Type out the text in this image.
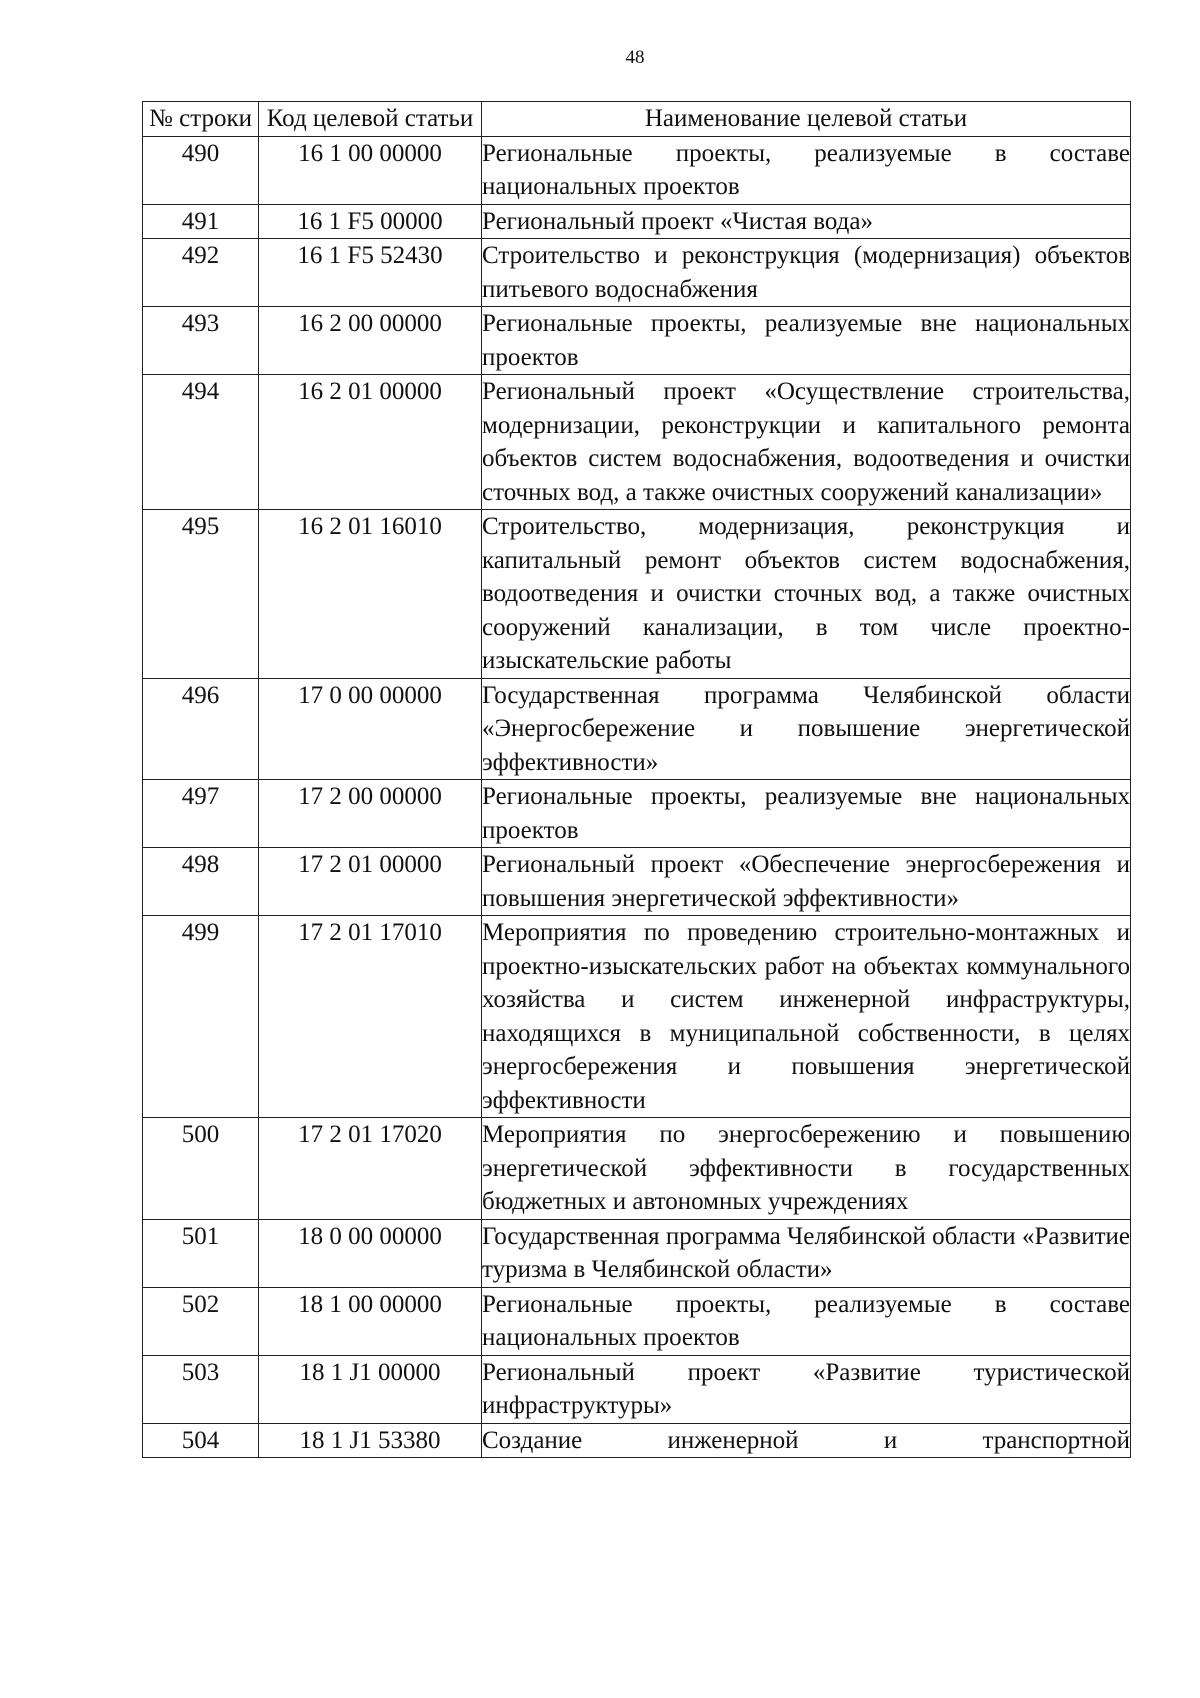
48
№ строки	Код целевой статьи	Наименование целевой статьи
490	16 1 00 00000	Региональные проекты, реализуемые в составе национальных проектов
491	16 1 F5 00000	Региональный проект «Чистая вода»
492	16 1 F5 52430	Строительство и реконструкция (модернизация) объектов питьевого водоснабжения
493	16 2 00 00000	Региональные проекты, реализуемые вне национальных проектов
494	16 2 01 00000	Региональный проект «Осуществление строительства, модернизации, реконструкции и капитального ремонта объектов систем водоснабжения, водоотведения и очистки сточных вод, а также очистных сооружений канализации»
495	16 2 01 16010	Строительство, модернизация, реконструкция и капитальный ремонт объектов систем водоснабжения, водоотведения и очистки сточных вод, а также очистных сооружений канализации, в том числе проектно-изыскательские работы
496	17 0 00 00000	Государственная программа Челябинской области «Энергосбережение и повышение энергетической эффективности»
497	17 2 00 00000	Региональные проекты, реализуемые вне национальных проектов
498	17 2 01 00000	Региональный проект «Обеспечение энергосбережения и повышения энергетической эффективности»
499	17 2 01 17010	Мероприятия по проведению строительно-монтажных и проектно-изыскательских работ на объектах коммунального хозяйства и систем инженерной инфраструктуры, находящихся в муниципальной собственности, в целях энергосбережения и повышения энергетической эффективности
500	17 2 01 17020	Мероприятия по энергосбережению и повышению энергетической эффективности в государственных бюджетных и автономных учреждениях
501	18 0 00 00000	Государственная программа Челябинской области «Развитие туризма в Челябинской области»
502	18 1 00 00000	Региональные проекты, реализуемые в составе национальных проектов
503	18 1 J1 00000	Региональный проект «Развитие туристической инфраструктуры»
504	18 1 J1 53380	Создание инженерной и транспортной
